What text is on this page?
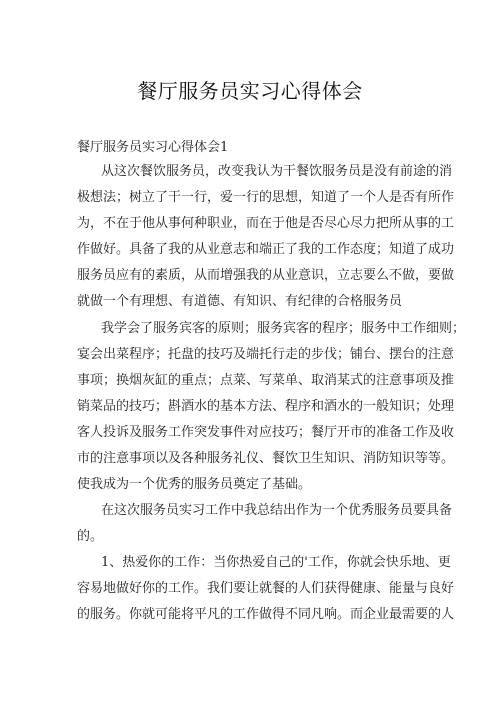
餐厅服务员实习心得体会
餐厅服务员实习心得体会1
从这次餐饮服务员，改变我认为干餐饮服务员是没有前途的消
极想法；树立了干一行，爱一行的思想，知道了一个人是否有所作
为，不在于他从事何种职业，而在于他是否尽心尽力把所从事的工
作做好。具备了我的从业意志和端正了我的工作态度；知道了成功
服务员应有的素质，从而增强我的从业意识，立志要么不做，要做
就做一个有理想、有道德、有知识、有纪律的合格服务员
我学会了服务宾客的原则；服务宾客的程序；服务中工作细则；
宴会出菜程序；托盘的技巧及端托行走的步伐；铺台、摆台的注意
事项；换烟灰缸的重点；点菜、写菜单、取消某式的注意事项及推
销菜品的技巧；斟酒水的基本方法、程序和酒水的一般知识；处理
客人投诉及服务工作突发事件对应技巧；餐厅开市的准备工作及收
市的注意事项以及各种服务礼仪、餐饮卫生知识、消防知识等等。
使我成为一个优秀的服务员奠定了基础。
在这次服务员实习工作中我总结出作为一个优秀服务员要具备
的。
1、热爱你的工作：当你热爱自己的'工作，你就会快乐地、更
容易地做好你的工作。我们要让就餐的人们获得健康、能量与良好
的服务。你就可能将平凡的工作做得不同凡响。而企业最需要的人
